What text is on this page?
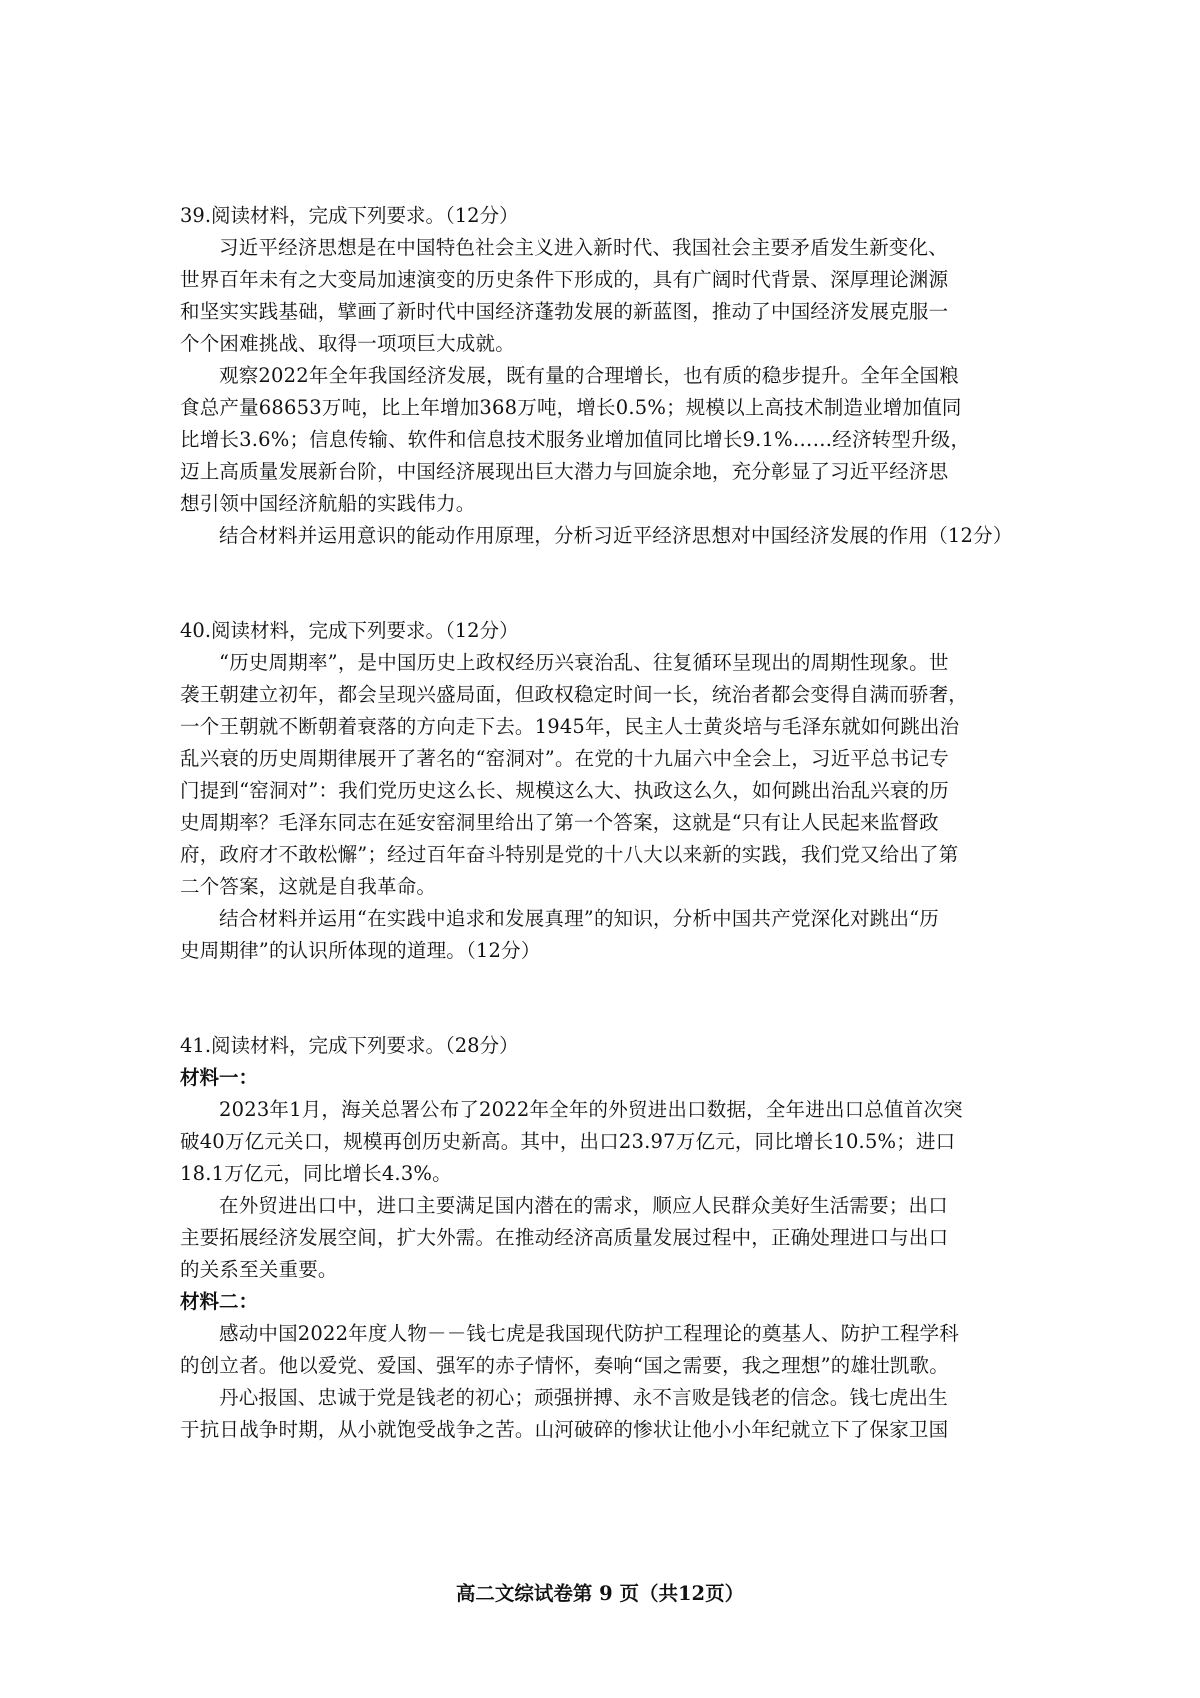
39.阅读材料，完成下列要求。（12分）
习近平经济思想是在中国特色社会主义进入新时代、我国社会主要矛盾发生新变化、
世界百年未有之大变局加速演变的历史条件下形成的，具有广阔时代背景、深厚理论渊源
和坚实实践基础，擘画了新时代中国经济蓬勃发展的新蓝图，推动了中国经济发展克服一
个个困难挑战、取得一项项巨大成就。
观察2022年全年我国经济发展，既有量的合理增长，也有质的稳步提升。全年全国粮
食总产量68653万吨，比上年增加368万吨，增长0.5%；规模以上高技术制造业增加值同
比增长3.6%；信息传输、软件和信息技术服务业增加值同比增长9.1%……经济转型升级，
迈上高质量发展新台阶，中国经济展现出巨大潜力与回旋余地，充分彰显了习近平经济思
想引领中国经济航船的实践伟力。
结合材料并运用意识的能动作用原理，分析习近平经济思想对中国经济发展的作用（12分）
40.阅读材料，完成下列要求。（12分）
“历史周期率”，是中国历史上政权经历兴衰治乱、往复循环呈现出的周期性现象。世
袭王朝建立初年，都会呈现兴盛局面，但政权稳定时间一长，统治者都会变得自满而骄奢，
一个王朝就不断朝着衰落的方向走下去。1945年，民主人士黄炎培与毛泽东就如何跳出治
乱兴衰的历史周期律展开了著名的“窑洞对”。在党的十九届六中全会上，习近平总书记专
门提到“窑洞对”：我们党历史这么长、规模这么大、执政这么久，如何跳出治乱兴衰的历
史周期率？毛泽东同志在延安窑洞里给出了第一个答案，这就是“只有让人民起来监督政
府，政府才不敢松懈”；经过百年奋斗特别是党的十八大以来新的实践，我们党又给出了第
二个答案，这就是自我革命。
结合材料并运用“在实践中追求和发展真理”的知识，分析中国共产党深化对跳出“历
史周期律”的认识所体现的道理。（12分）
41.阅读材料，完成下列要求。（28分）
材料一：
2023年1月，海关总署公布了2022年全年的外贸进出口数据，全年进出口总值首次突
破40万亿元关口，规模再创历史新高。其中，出口23.97万亿元，同比增长10.5%；进口
18.1万亿元，同比增长4.3%。
在外贸进出口中，进口主要满足国内潜在的需求，顺应人民群众美好生活需要；出口
主要拓展经济发展空间，扩大外需。在推动经济高质量发展过程中，正确处理进口与出口
的关系至关重要。
材料二：
感动中国2022年度人物－－钱七虎是我国现代防护工程理论的奠基人、防护工程学科
的创立者。他以爱党、爱国、强军的赤子情怀，奏响“国之需要，我之理想”的雄壮凯歌。
丹心报国、忠诚于党是钱老的初心；顽强拼搏、永不言败是钱老的信念。钱七虎出生
于抗日战争时期，从小就饱受战争之苦。山河破碎的惨状让他小小年纪就立下了保家卫国
高二文综试卷第 9 页（共12页）
